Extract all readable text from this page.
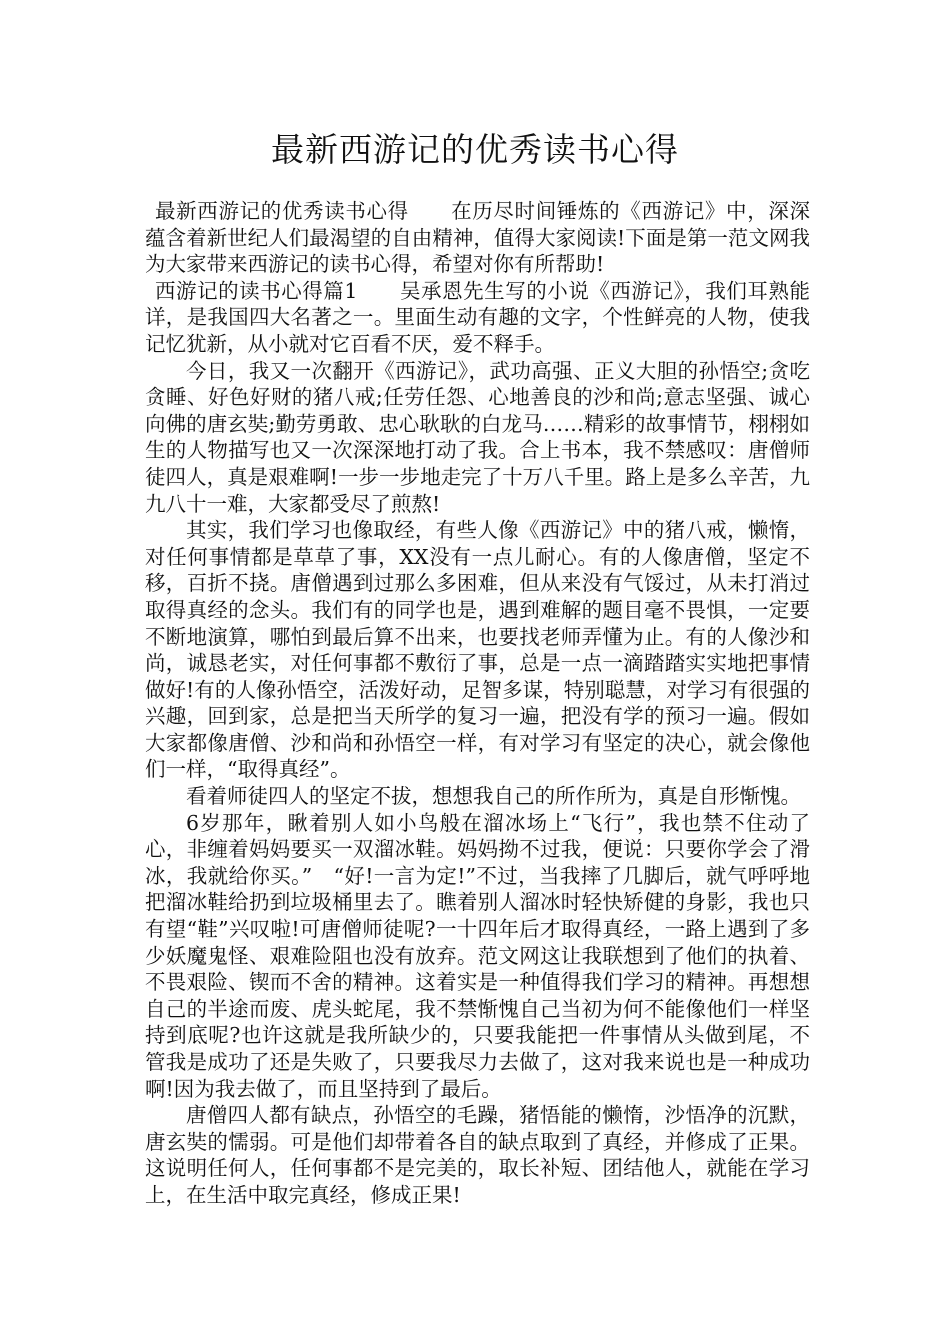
最新西游记的优秀读书心得

最新西游记的优秀读书心得　　在历尽时间锤炼的《西游记》中，深深蕴含着新世纪人们最渴望的自由精神，值得大家阅读!下面是第一范文网我为大家带来西游记的读书心得，希望对你有所帮助!

西游记的读书心得篇1　　吴承恩先生写的小说《西游记》，我们耳熟能详，是我国四大名著之一。里面生动有趣的文字，个性鲜亮的人物，使我记忆犹新，从小就对它百看不厌，爱不释手。

今日，我又一次翻开《西游记》，武功高强、正义大胆的孙悟空;贪吃贪睡、好色好财的猪八戒;任劳任怨、心地善良的沙和尚;意志坚强、诚心向佛的唐玄奘;勤劳勇敢、忠心耿耿的白龙马……精彩的故事情节，栩栩如生的人物描写也又一次深深地打动了我。合上书本，我不禁感叹：唐僧师徒四人，真是艰难啊!一步一步地走完了十万八千里。路上是多么辛苦，九九八十一难，大家都受尽了煎熬!

其实，我们学习也像取经，有些人像《西游记》中的猪八戒，懒惰，对任何事情都是草草了事，XX没有一点儿耐心。有的人像唐僧，坚定不移，百折不挠。唐僧遇到过那么多困难，但从来没有气馁过，从未打消过取得真经的念头。我们有的同学也是，遇到难解的题目毫不畏惧，一定要不断地演算，哪怕到最后算不出来，也要找老师弄懂为止。有的人像沙和尚，诚恳老实，对任何事都不敷衍了事，总是一点一滴踏踏实实地把事情做好!有的人像孙悟空，活泼好动，足智多谋，特别聪慧，对学习有很强的兴趣，回到家，总是把当天所学的复习一遍，把没有学的预习一遍。假如大家都像唐僧、沙和尚和孙悟空一样，有对学习有坚定的决心，就会像他们一样，“取得真经”。

看着师徒四人的坚定不拔，想想我自己的所作所为，真是自形惭愧。

6岁那年，瞅着别人如小鸟般在溜冰场上“飞行”，我也禁不住动了心，非缠着妈妈要买一双溜冰鞋。妈妈拗不过我，便说：只要你学会了滑冰，我就给你买。”　“好!一言为定!”不过，当我摔了几脚后，就气呼呼地把溜冰鞋给扔到垃圾桶里去了。瞧着别人溜冰时轻快矫健的身影，我也只有望“鞋”兴叹啦!可唐僧师徒呢?一十四年后才取得真经，一路上遇到了多少妖魔鬼怪、艰难险阻也没有放弃。范文网这让我联想到了他们的执着、不畏艰险、锲而不舍的精神。这着实是一种值得我们学习的精神。再想想自己的半途而废、虎头蛇尾，我不禁惭愧自己当初为何不能像他们一样坚持到底呢?也许这就是我所缺少的，只要我能把一件事情从头做到尾，不管我是成功了还是失败了，只要我尽力去做了，这对我来说也是一种成功啊!因为我去做了，而且坚持到了最后。

唐僧四人都有缺点，孙悟空的毛躁，猪悟能的懒惰，沙悟净的沉默，唐玄奘的懦弱。可是他们却带着各自的缺点取到了真经，并修成了正果。这说明任何人，任何事都不是完美的，取长补短、团结他人，就能在学习上，在生活中取完真经，修成正果!
